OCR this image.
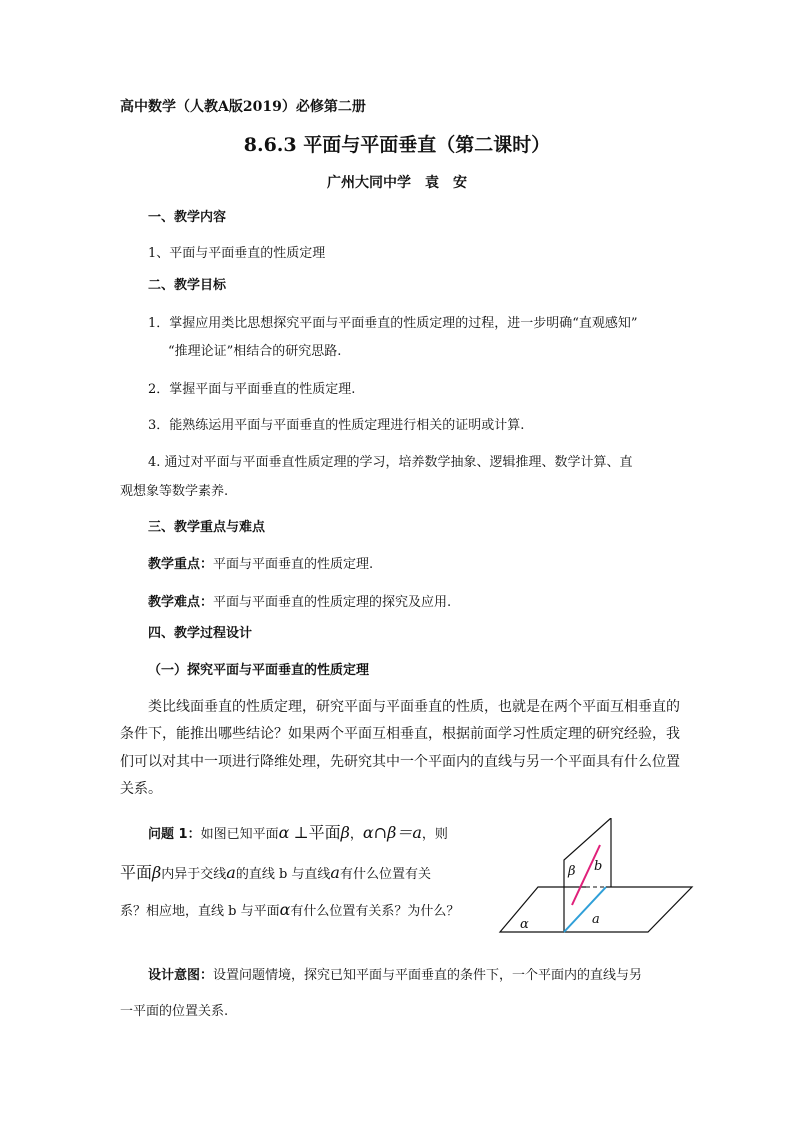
高中数学（人教A版2019）必修第二册
8.6.3 平面与平面垂直（第二课时）
广州大同中学　袁　安
一、教学内容
1、平面与平面垂直的性质定理
二、教学目标
1．掌握应用类比思想探究平面与平面垂直的性质定理的过程，进一步明确“直观感知”
“推理论证”相结合的研究思路.
2．掌握平面与平面垂直的性质定理.
3．能熟练运用平面与平面垂直的性质定理进行相关的证明或计算.
4. 通过对平面与平面垂直性质定理的学习，培养数学抽象、逻辑推理、数学计算、直
观想象等数学素养.
三、教学重点与难点
教学重点：平面与平面垂直的性质定理.
教学难点：平面与平面垂直的性质定理的探究及应用.
四、教学过程设计
（一）探究平面与平面垂直的性质定理
类比线面垂直的性质定理，研究平面与平面垂直的性质，也就是在两个平面互相垂直的
条件下，能推出哪些结论？如果两个平面互相垂直，根据前面学习性质定理的研究经验，我
们可以对其中一项进行降维处理，先研究其中一个平面内的直线与另一个平面具有什么位置
关系。
问题 1：如图已知平面α ⊥平面β，α∩β＝a，则
平面β内异于交线a的直线 b 与直线a有什么位置有关
系？相应地，直线 b 与平面α有什么位置有关系？为什么？
β b
a
α
设计意图：设置问题情境，探究已知平面与平面垂直的条件下，一个平面内的直线与另
一平面的位置关系.
